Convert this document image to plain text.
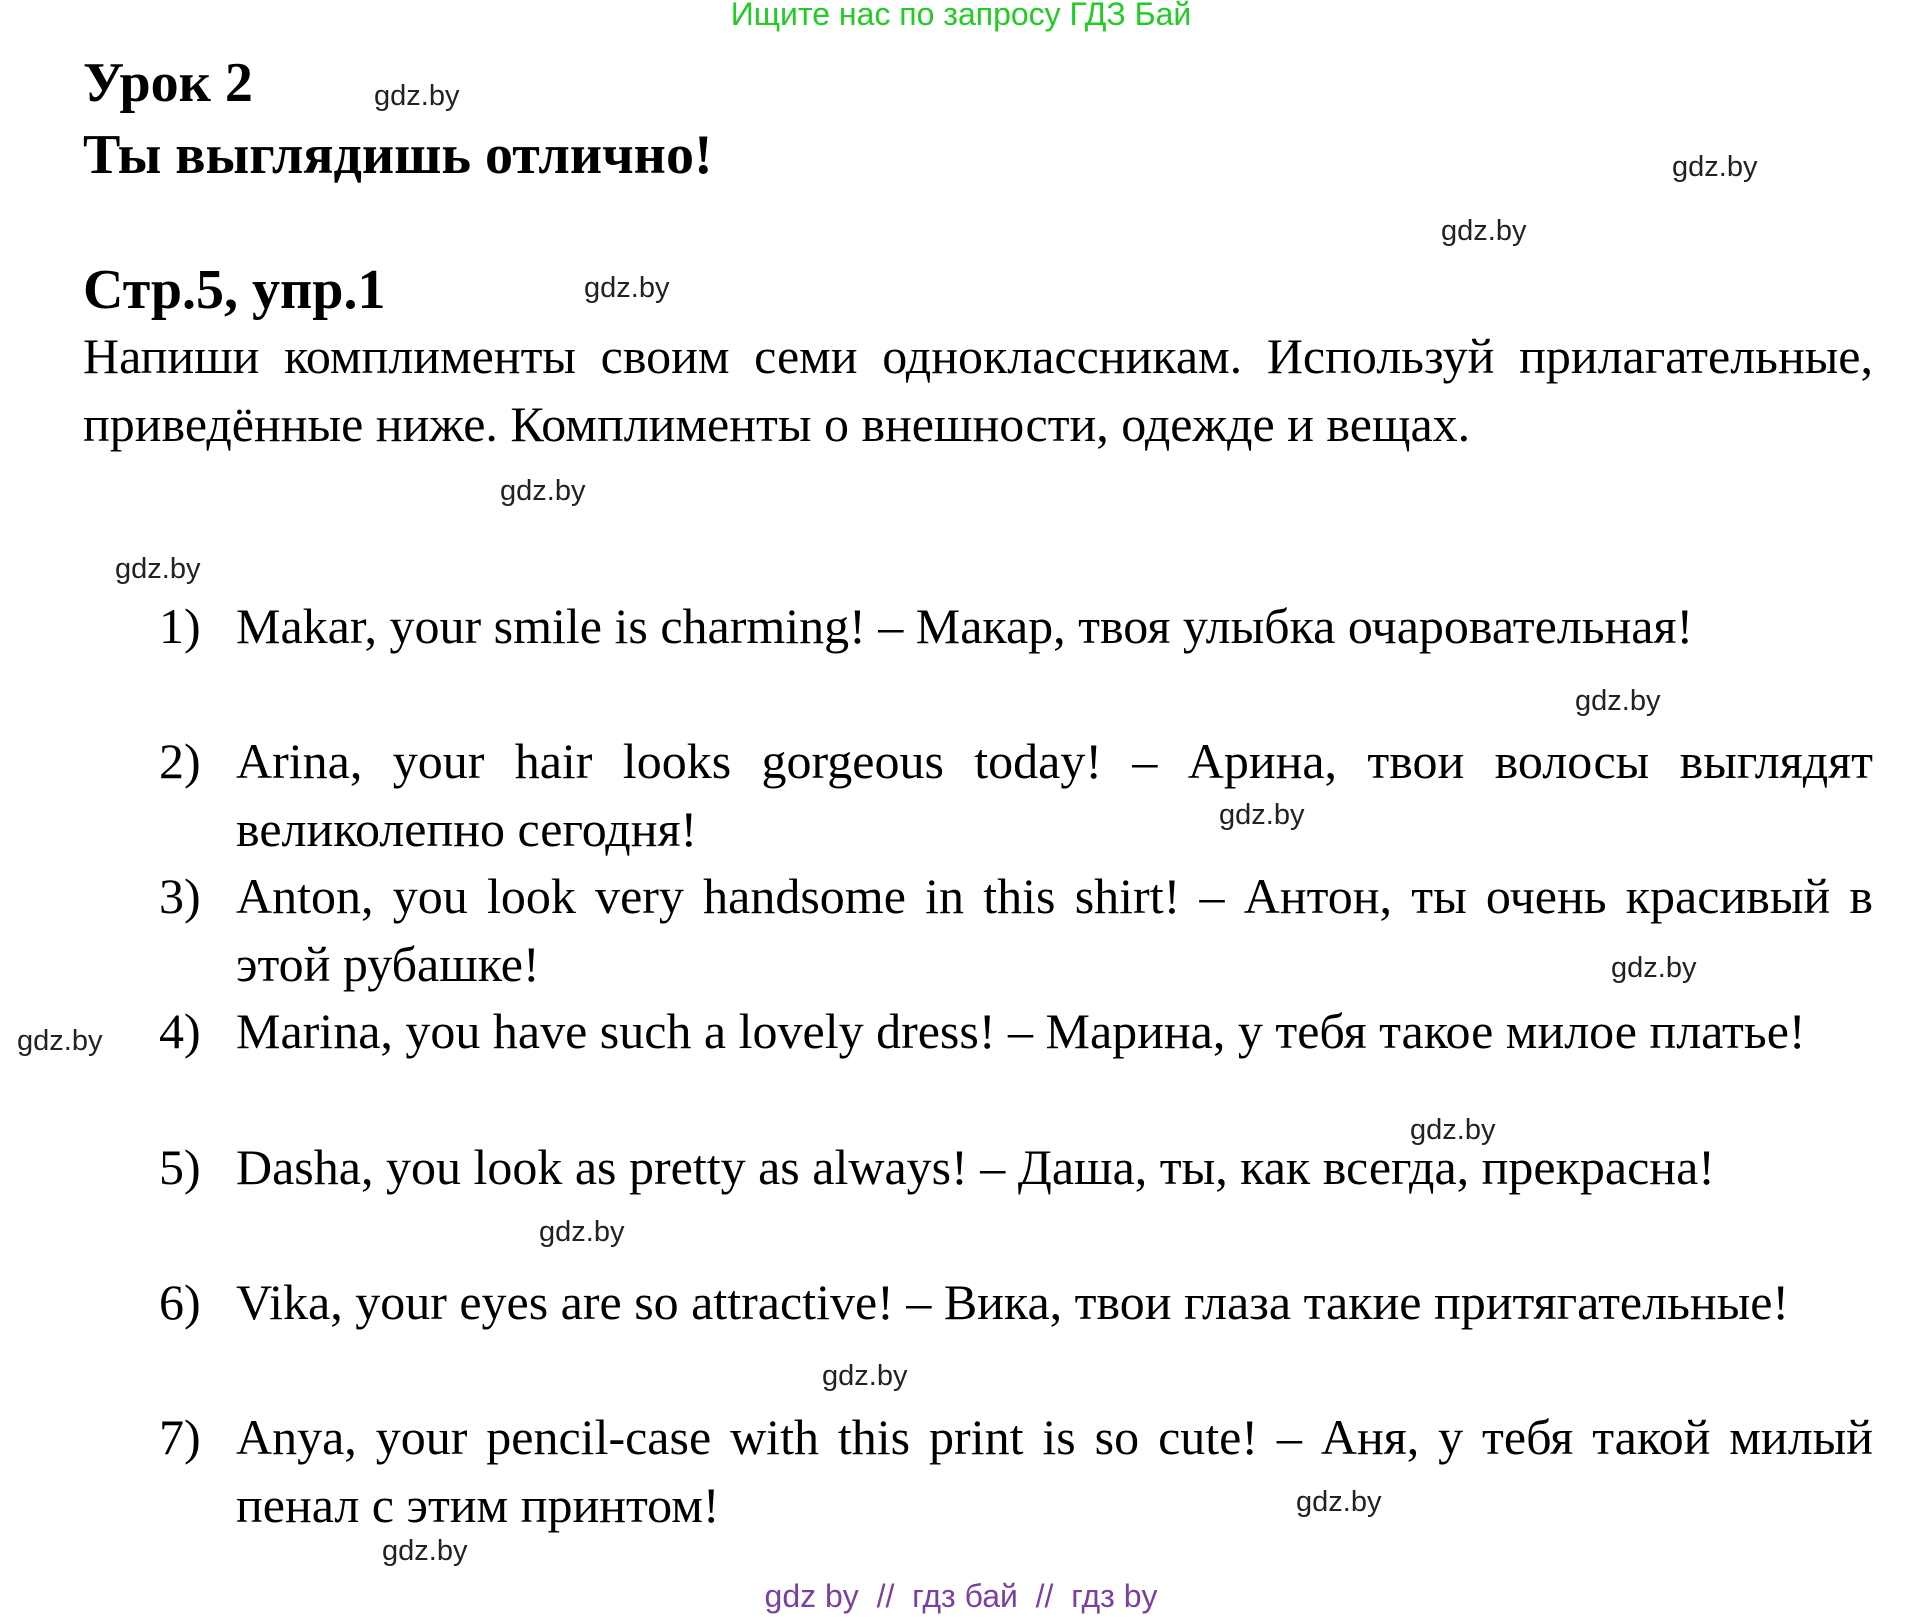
Ищите нас по запросу ГДЗ Бай
Урок 2
Ты выглядишь отлично!
Стр.5, упр.1
Напиши комплименты своим семи одноклассникам. Используй прилагательные, приведённые ниже. Комплименты о внешности, одежде и вещах.
1) Makar, your smile is charming! – Макар, твоя улыбка очаровательная!
2) Arina, your hair looks gorgeous today! – Арина, твои волосы выглядят великолепно сегодня!
3) Anton, you look very handsome in this shirt! – Антон, ты очень красивый в этой рубашке!
4) Marina, you have such a lovely dress! – Марина, у тебя такое милое платье!
5) Dasha, you look as pretty as always! – Даша, ты, как всегда, прекрасна!
6) Vika, your eyes are so attractive! – Вика, твои глаза такие притягательные!
7) Anya, your pencil-case with this print is so cute! – Аня, у тебя такой милый пенал с этим принтом!
gdz.by
gdz.by
gdz.by
gdz.by
gdz.by
gdz.by
gdz.by
gdz.by
gdz.by
gdz.by
gdz.by
gdz.by
gdz.by
gdz.by
gdz.by
gdz by  //  гдз бай  //  гдз by
